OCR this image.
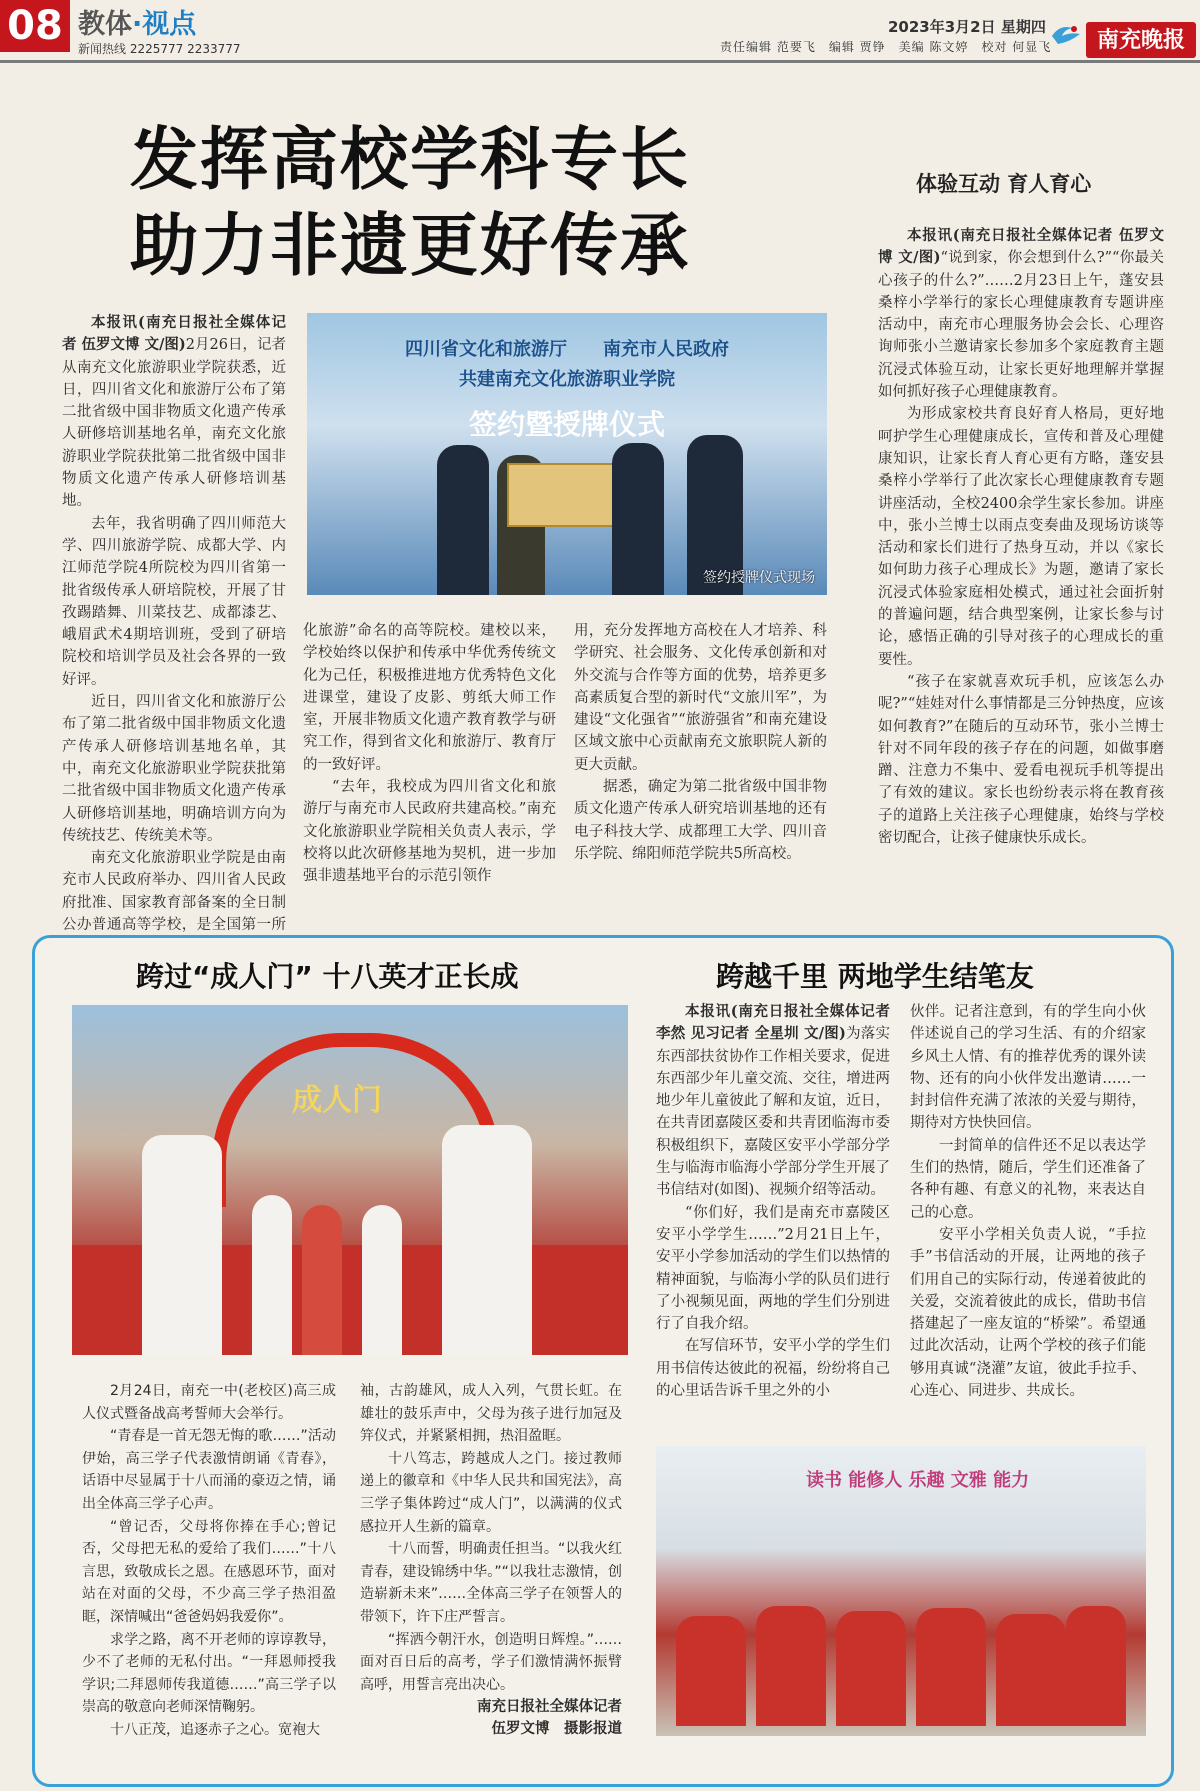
08 教体·视点
新闻热线 2225777 2233777
2023年3月2日 星期四
责任编辑 范要飞　编辑 贾铮　美编 陈文婷　校对 何显飞	南充晚报
发挥高校学科专长
助力非遗更好传承

本报讯(南充日报社全媒体记者 伍罗文博 文/图)2月26日，记者从南充文化旅游职业学院获悉，近日，四川省文化和旅游厅公布了第二批省级中国非物质文化遗产传承人研修培训基地名单，南充文化旅游职业学院获批第二批省级中国非物质文化遗产传承人研修培训基地。

去年，我省明确了四川师范大学、四川旅游学院、成都大学、内江师范学院4所院校为四川省第一批省级传承人研培院校，开展了甘孜踢踏舞、川菜技艺、成都漆艺、峨眉武术4期培训班，受到了研培院校和培训学员及社会各界的一致好评。

近日，四川省文化和旅游厅公布了第二批省级中国非物质文化遗产传承人研修培训基地名单，其中，南充文化旅游职业学院获批第二批省级中国非物质文化遗产传承人研修培训基地，明确培训方向为传统技艺、传统美术等。

南充文化旅游职业学院是由南充市人民政府举办、四川省人民政府批准、国家教育部备案的全日制公办普通高等学校，是全国第一所

四川省文化和旅游厅　　南充市人民政府
共建南充文化旅游职业学院
签约暨授牌仪式
签约授牌仪式现场

化旅游”命名的高等院校。建校以来，学校始终以保护和传承中华优秀传统文化为己任，积极推进地方优秀特色文化进课堂，建设了皮影、剪纸大师工作室，开展非物质文化遗产教育教学与研究工作，得到省文化和旅游厅、教育厅的一致好评。

“去年，我校成为四川省文化和旅游厅与南充市人民政府共建高校。”南充文化旅游职业学院相关负责人表示，学校将以此次研修基地为契机，进一步加强非遗基地平台的示范引领作

用，充分发挥地方高校在人才培养、科学研究、社会服务、文化传承创新和对外交流与合作等方面的优势，培养更多高素质复合型的新时代“文旅川军”，为建设“文化强省”“旅游强省”和南充建设区域文旅中心贡献南充文旅职院人新的更大贡献。

据悉，确定为第二批省级中国非物质文化遗产传承人研究培训基地的还有电子科技大学、成都理工大学、四川音乐学院、绵阳师范学院共5所高校。

体验互动 育人育心

本报讯(南充日报社全媒体记者 伍罗文博 文/图)“说到家，你会想到什么?”“你最关心孩子的什么?”……2月23日上午，蓬安县桑梓小学举行的家长心理健康教育专题讲座活动中，南充市心理服务协会会长、心理咨询师张小兰邀请家长参加多个家庭教育主题沉浸式体验互动，让家长更好地理解并掌握如何抓好孩子心理健康教育。

为形成家校共育良好育人格局，更好地呵护学生心理健康成长，宣传和普及心理健康知识，让家长育人育心更有方略，蓬安县桑梓小学举行了此次家长心理健康教育专题讲座活动，全校2400余学生家长参加。讲座中，张小兰博士以雨点变奏曲及现场访谈等活动和家长们进行了热身互动，并以《家长如何助力孩子心理成长》为题，邀请了家长沉浸式体验家庭相处模式，通过社会面折射的普遍问题，结合典型案例，让家长参与讨论，感悟正确的引导对孩子的心理成长的重要性。

“孩子在家就喜欢玩手机，应该怎么办呢?”“娃娃对什么事情都是三分钟热度，应该如何教育?”在随后的互动环节，张小兰博士针对不同年段的孩子存在的问题，如做事磨蹭、注意力不集中、爱看电视玩手机等提出了有效的建议。家长也纷纷表示将在教育孩子的道路上关注孩子心理健康，始终与学校密切配合，让孩子健康快乐成长。

跨过“成人门” 十八英才正长成	跨越千里 两地学生结笔友
成人门

2月24日，南充一中(老校区)高三成人仪式暨备战高考誓师大会举行。

“青春是一首无怨无悔的歌……”活动伊始，高三学子代表激情朗诵《青春》，话语中尽显属于十八而涌的豪迈之情，诵出全体高三学子心声。

“曾记否，父母将你捧在手心;曾记否，父母把无私的爱给了我们……”十八言思，致敬成长之恩。在感恩环节，面对站在对面的父母，不少高三学子热泪盈眶，深情喊出“爸爸妈妈我爱你”。

求学之路，离不开老师的谆谆教导，少不了老师的无私付出。“一拜恩师授我学识;二拜恩师传我道德……”高三学子以崇高的敬意向老师深情鞠躬。

十八正茂，追逐赤子之心。宽袍大

袖，古韵雄风，成人入列，气贯长虹。在雄壮的鼓乐声中，父母为孩子进行加冠及笄仪式，并紧紧相拥，热泪盈眶。

十八笃志，跨越成人之门。接过教师递上的徽章和《中华人民共和国宪法》，高三学子集体跨过“成人门”，以满满的仪式感拉开人生新的篇章。

十八而誓，明确责任担当。“以我火红青春，建设锦绣中华。”“以我壮志激情，创造崭新未来”……全体高三学子在领誓人的带领下，许下庄严誓言。

“挥洒今朝汗水，创造明日辉煌。”……面对百日后的高考，学子们激情满怀振臂高呼，用誓言亮出决心。

南充日报社全媒体记者
伍罗文博　摄影报道

本报讯(南充日报社全媒体记者 李然 见习记者 全星圳 文/图)为落实东西部扶贫协作工作相关要求，促进东西部少年儿童交流、交往，增进两地少年儿童彼此了解和友谊，近日，在共青团嘉陵区委和共青团临海市委积极组织下，嘉陵区安平小学部分学生与临海市临海小学部分学生开展了书信结对(如图)、视频介绍等活动。

“你们好，我们是南充市嘉陵区安平小学学生……”2月21日上午，安平小学参加活动的学生们以热情的精神面貌，与临海小学的队员们进行了小视频见面，两地的学生们分别进行了自我介绍。

在写信环节，安平小学的学生们用书信传达彼此的祝福，纷纷将自己的心里话告诉千里之外的小

伙伴。记者注意到，有的学生向小伙伴述说自己的学习生活、有的介绍家乡风土人情、有的推荐优秀的课外读物、还有的向小伙伴发出邀请……一封封信件充满了浓浓的关爱与期待，期待对方快快回信。

一封简单的信件还不足以表达学生们的热情，随后，学生们还准备了各种有趣、有意义的礼物，来表达自己的心意。

安平小学相关负责人说，“手拉手”书信活动的开展，让两地的孩子们用自己的实际行动，传递着彼此的关爱，交流着彼此的成长，借助书信搭建起了一座友谊的“桥梁”。希望通过此次活动，让两个学校的孩子们能够用真诚“浇灌”友谊，彼此手拉手、心连心、同进步、共成长。

读书 能修人 乐趣 文雅 能力
